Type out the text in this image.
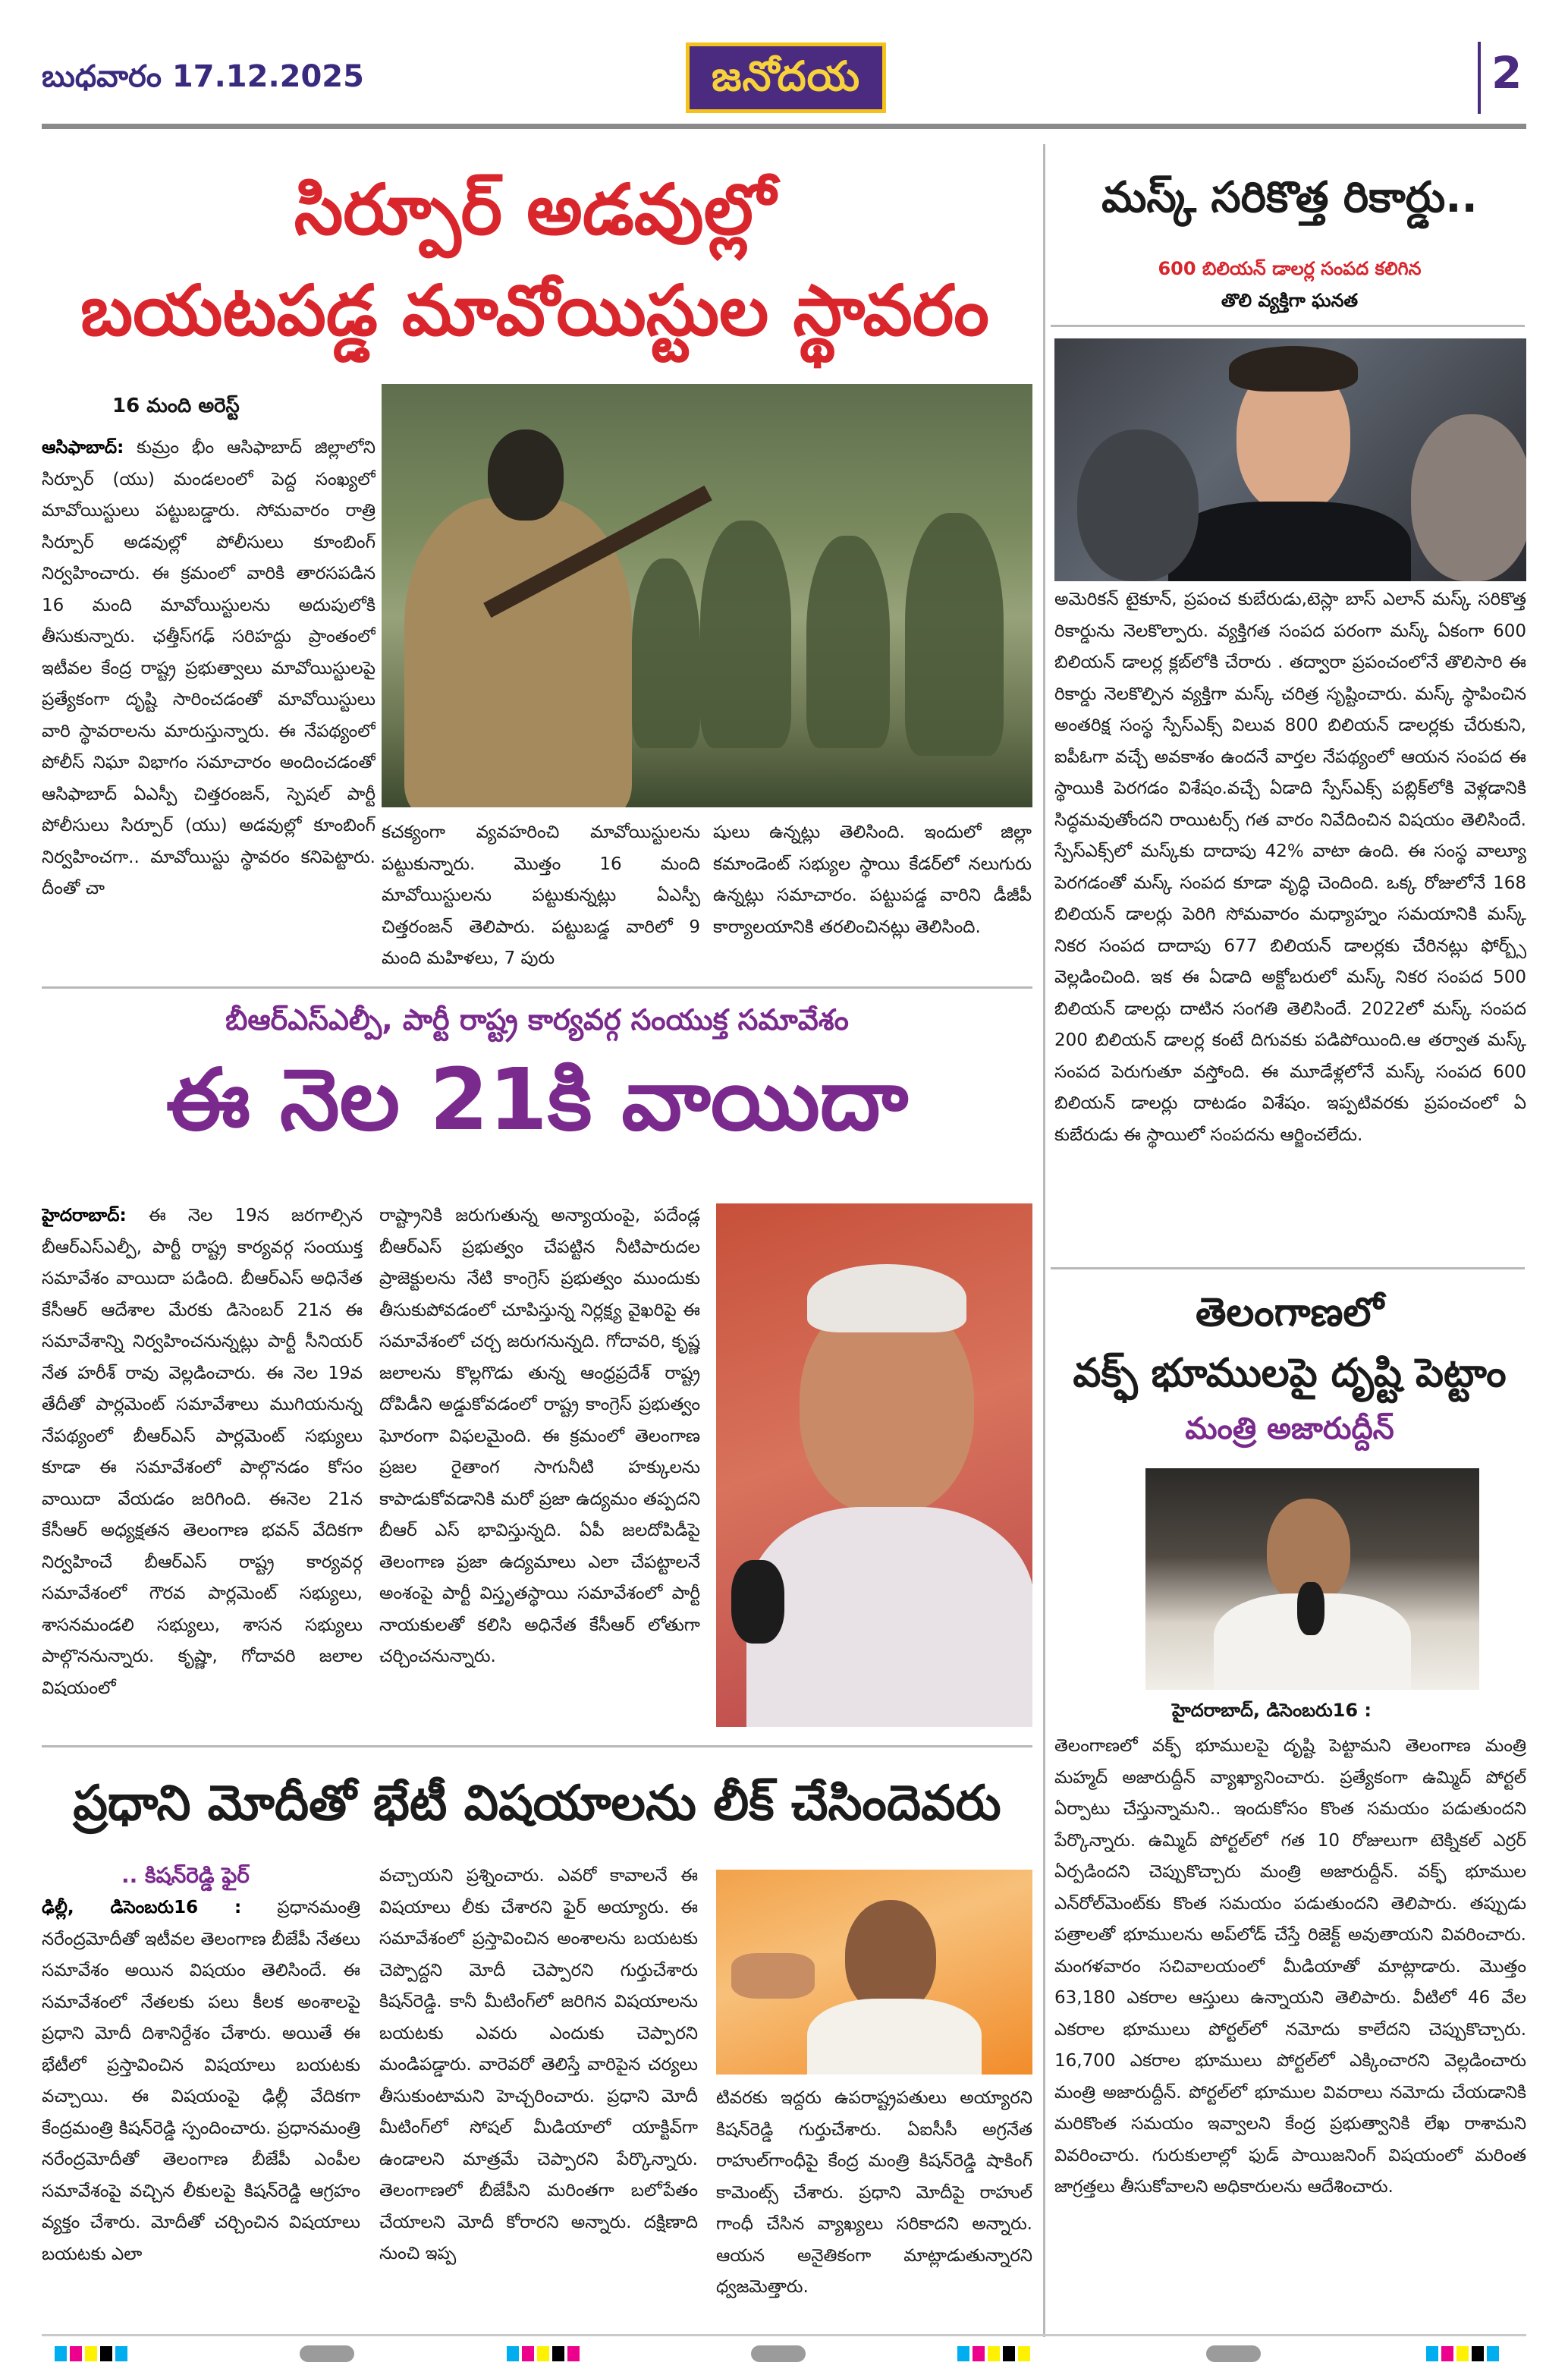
బుధవారం 17.12.2025	జనోదయ	2
సిర్పూర్ అడవుల్లో
బయటపడ్డ మావోయిస్టుల స్థావరం
16 మంది అరెస్ట్
ఆసిఫాబాద్: కుమ్రం భీం ఆసిఫాబాద్ జిల్లాలోని సిర్పూర్ (యు) మండలంలో పెద్ద సంఖ్యలో మావోయిస్టులు పట్టుబడ్డారు. సోమవారం రాత్రి సిర్పూర్ అడవుల్లో పోలీసులు కూంబింగ్ నిర్వహించారు. ఈ క్రమంలో వారికి తారసపడిన 16 మంది మావోయిస్టులను అదుపులోకి తీసుకున్నారు. ఛత్తీస్‌గఢ్ సరిహద్దు ప్రాంతంలో ఇటీవల కేంద్ర రాష్ట్ర ప్రభుత్వాలు మావోయిస్టులపై ప్రత్యేకంగా దృష్టి సారించడంతో మావోయిస్టులు వారి స్థావరాలను మారుస్తున్నారు. ఈ నేపథ్యంలో పోలీస్ నిఘా విభాగం సమాచారం అందించడంతో ఆసిఫాబాద్ ఏఎస్పీ చిత్తరంజన్, స్పెషల్ పార్టీ పోలీసులు సిర్పూర్ (యు) అడవుల్లో కూంబింగ్ నిర్వహించగా.. మావోయిస్టు స్థావరం కనిపెట్టారు. దీంతో చా
కచక్యంగా వ్యవహరించి మావోయిస్టులను పట్టుకున్నారు. మొత్తం 16 మంది మావోయిస్టులను పట్టుకున్నట్లు ఏఎస్పీ చిత్తరంజన్ తెలిపారు. పట్టుబడ్డ వారిలో 9 మంది మహిళలు, 7 పురు
షులు ఉన్నట్లు తెలిసింది. ఇందులో జిల్లా కమాండెంట్ సభ్యుల స్థాయి కేడర్‌లో నలుగురు ఉన్నట్లు సమాచారం. పట్టుపడ్డ వారిని డీజీపీ కార్యాలయానికి తరలించినట్లు తెలిసింది.
బీఆర్ఎస్ఎల్పీ, పార్టీ రాష్ట్ర కార్యవర్గ సంయుక్త సమావేశం
ఈ నెల 21కి వాయిదా
హైదరాబాద్: ఈ నెల 19న జరగాల్సిన బీఆర్ఎస్ఎల్పీ, పార్టీ రాష్ట్ర కార్యవర్గ సంయుక్త సమావేశం వాయిదా పడింది. బీఆర్ఎస్ అధినేత కేసీఆర్ ఆదేశాల మేరకు డిసెంబర్ 21న ఈ సమావేశాన్ని నిర్వహించనున్నట్లు పార్టీ సీనియర్ నేత హరీశ్ రావు వెల్లడించారు. ఈ నెల 19వ తేదీతో పార్లమెంట్ సమావేశాలు ముగియనున్న నేపథ్యంలో బీఆర్ఎస్ పార్లమెంట్ సభ్యులు కూడా ఈ సమావేశంలో పాల్గొనడం కోసం వాయిదా వేయడం జరిగింది. ఈనెల 21న కేసీఆర్ అధ్యక్షతన తెలంగాణ భవన్ వేదికగా నిర్వహించే బీఆర్ఎస్ రాష్ట్ర కార్యవర్గ సమావేశంలో గౌరవ పార్లమెంట్ సభ్యులు, శాసనమండలి సభ్యులు, శాసన సభ్యులు పాల్గొననున్నారు. కృష్ణా, గోదావరి జలాల విషయంలో
రాష్ట్రానికి జరుగుతున్న అన్యాయంపై, పదేండ్ల బీఆర్ఎస్ ప్రభుత్వం చేపట్టిన నీటిపారుదల ప్రాజెక్టులను నేటి కాంగ్రెస్ ప్రభుత్వం ముందుకు తీసుకుపోవడంలో చూపిస్తున్న నిర్లక్ష్య వైఖరిపై ఈ సమావేశంలో చర్చ జరుగనున్నది. గోదావరి, కృష్ణ జలాలను కొల్లగొడు తున్న ఆంధ్రప్రదేశ్ రాష్ట్ర దోపిడీని అడ్డుకోవడంలో రాష్ట్ర కాంగ్రెస్ ప్రభుత్వం ఘోరంగా విఫలమైంది. ఈ క్రమంలో తెలంగాణ ప్రజల రైతాంగ సాగునీటి హక్కులను కాపాడుకోవడానికి మరో ప్రజా ఉద్యమం తప్పదని బీఆర్ ఎస్ భావిస్తున్నది. ఏపీ జలదోపిడీపై తెలంగాణ ప్రజా ఉద్యమాలు ఎలా చేపట్టాలనే అంశంపై పార్టీ విస్తృతస్థాయి సమావేశంలో పార్టీ నాయకులతో కలిసి అధినేత కేసీఆర్ లోతుగా చర్చించనున్నారు.
ప్రధాని మోదీతో భేటీ విషయాలను లీక్ చేసిందెవరు
.. కిషన్‌రెడ్డి ఫైర్
ఢిల్లీ, డిసెంబరు16 : ప్రధానమంత్రి నరేంద్రమోదీతో ఇటీవల తెలంగాణ బీజేపీ నేతలు సమావేశం అయిన విషయం తెలిసిందే. ఈ సమావేశంలో నేతలకు పలు కీలక అంశాలపై ప్రధాని మోదీ దిశానిర్దేశం చేశారు. అయితే ఈ భేటీలో ప్రస్తావించిన విషయాలు బయటకు వచ్చాయి. ఈ విషయంపై ఢిల్లీ వేదికగా కేంద్రమంత్రి కిషన్‌రెడ్డి స్పందించారు. ప్రధానమంత్రి నరేంద్రమోదీతో తెలంగాణ బీజేపీ ఎంపీల సమావేశంపై వచ్చిన లీకులపై కిషన్‌రెడ్డి ఆగ్రహం వ్యక్తం చేశారు. మోదీతో చర్చించిన విషయాలు బయటకు ఎలా
వచ్చాయని ప్రశ్నించారు. ఎవరో కావాలనే ఈ విషయాలు లీకు చేశారని ఫైర్ అయ్యారు. ఈ సమావేశంలో ప్రస్తావించిన అంశాలను బయటకు చెప్పొద్దని మోదీ చెప్పారని గుర్తుచేశారు కిషన్‌రెడ్డి. కానీ మీటింగ్‌లో జరిగిన విషయాలను బయటకు ఎవరు ఎందుకు చెప్పారని మండిపడ్డారు. వారెవరో తెలిస్తే వారిపైన చర్యలు తీసుకుంటామని హెచ్చరించారు. ప్రధాని మోదీ మీటింగ్‌లో సోషల్ మీడియాలో యాక్టివ్‌గా ఉండాలని మాత్రమే చెప్పారని పేర్కొన్నారు. తెలంగాణలో బీజేపీని మరింతగా బలోపేతం చేయాలని మోదీ కోరారని అన్నారు. దక్షిణాది నుంచి ఇప్ప
టివరకు ఇద్దరు ఉపరాష్ట్రపతులు అయ్యారని కిషన్‌రెడ్డి గుర్తుచేశారు. ఏఐసీసీ అగ్రనేత రాహుల్‌గాంధీపై కేంద్ర మంత్రి కిషన్‌రెడ్డి షాకింగ్ కామెంట్స్ చేశారు. ప్రధాని మోదీపై రాహుల్ గాంధీ చేసిన వ్యాఖ్యలు సరికాదని అన్నారు. ఆయన అనైతికంగా మాట్లాడుతున్నారని ధ్వజమెత్తారు.
మస్క్ సరికొత్త రికార్డు..
600 బిలియన్ డాలర్ల సంపద కలిగిన
తొలి వ్యక్తిగా ఘనత
అమెరికన్ టైకూన్, ప్రపంచ కుబేరుడు,టెస్లా బాస్ ఎలాన్ మస్క్ సరికొత్త రికార్డును నెలకొల్పారు. వ్యక్తిగత సంపద పరంగా మస్క్ ఏకంగా 600 బిలియన్ డాలర్ల క్లబ్‌లోకి చేరారు . తద్వారా ప్రపంచంలోనే తొలిసారి ఈ రికార్డు నెలకొల్పిన వ్యక్తిగా మస్క్ చరిత్ర సృష్టించారు. మస్క్ స్థాపించిన అంతరిక్ష సంస్థ స్పేస్‌ఎక్స్ విలువ 800 బిలియన్ డాలర్లకు చేరుకుని, ఐపీఓగా వచ్చే అవకాశం ఉందనే వార్తల నేపథ్యంలో ఆయన సంపద ఈ స్థాయికి పెరగడం విశేషం.వచ్చే ఏడాది స్పేస్‌ఎక్స్ పబ్లిక్‌లోకి వెళ్లడానికి సిద్ధమవుతోందని రాయిటర్స్ గత వారం నివేదించిన విషయం తెలిసిందే. స్పేస్‌ఎక్స్‌లో మస్క్‌కు దాదాపు 42% వాటా ఉంది. ఈ సంస్థ వాల్యూ పెరగడంతో మస్క్ సంపద కూడా వృద్ధి చెందింది. ఒక్క రోజులోనే 168 బిలియన్ డాలర్లు పెరిగి సోమవారం మధ్యాహ్నం సమయానికి మస్క్ నికర సంపద దాదాపు 677 బిలియన్ డాలర్లకు చేరినట్లు ఫోర్బ్స్ వెల్లడించింది. ఇక ఈ ఏడాది అక్టోబరులో మస్క్ నికర సంపద 500 బిలియన్ డాలర్లు దాటిన సంగతి తెలిసిందే. 2022లో మస్క్ సంపద 200 బిలియన్ డాలర్ల కంటే దిగువకు పడిపోయింది.ఆ తర్వాత మస్క్ సంపద పెరుగుతూ వస్తోంది. ఈ మూడేళ్లలోనే మస్క్ సంపద 600 బిలియన్ డాలర్లు దాటడం విశేషం. ఇప్పటివరకు ప్రపంచంలో ఏ కుబేరుడు ఈ స్థాయిలో సంపదను ఆర్జించలేదు.
తెలంగాణలో
వక్ఫ్ భూములపై దృష్టి పెట్టాం
మంత్రి అజారుద్దీన్
హైదరాబాద్, డిసెంబరు16 :
తెలంగాణలో వక్ఫ్ భూములపై దృష్టి పెట్టామని తెలంగాణ మంత్రి మహ్మద్ అజారుద్దీన్ వ్యాఖ్యానించారు. ప్రత్యేకంగా ఉమ్మిద్ పోర్టల్ ఏర్పాటు చేస్తున్నామని.. ఇందుకోసం కొంత సమయం పడుతుందని పేర్కొన్నారు. ఉమ్మిద్ పోర్టల్‌లో గత 10 రోజులుగా టెక్నికల్ ఎర్రర్ ఏర్పడిందని చెప్పుకొచ్చారు మంత్రి అజారుద్దీన్. వక్ఫ్ భూముల ఎన్‌రోల్‌మెంట్‌కు కొంత సమయం పడుతుందని తెలిపారు. తప్పుడు పత్రాలతో భూములను అప్‌లోడ్ చేస్తే రిజెక్ట్ అవుతాయని వివరించారు. మంగళవారం సచివాలయంలో మీడియాతో మాట్లాడారు. మొత్తం 63,180 ఎకరాల ఆస్తులు ఉన్నాయని తెలిపారు. వీటిలో 46 వేల ఎకరాల భూములు పోర్టల్‌లో నమోదు కాలేదని చెప్పుకొచ్చారు. 16,700 ఎకరాల భూములు పోర్టల్‌లో ఎక్కించారని వెల్లడించారు మంత్రి అజారుద్దీన్. పోర్టల్‌లో భూముల వివరాలు నమోదు చేయడానికి మరికొంత సమయం ఇవ్వాలని కేంద్ర ప్రభుత్వానికి లేఖ రాశామని వివరించారు. గురుకులాల్లో ఫుడ్ పాయిజనింగ్ విషయంలో మరింత జాగ్రత్తలు తీసుకోవాలని అధికారులను ఆదేశించారు.
